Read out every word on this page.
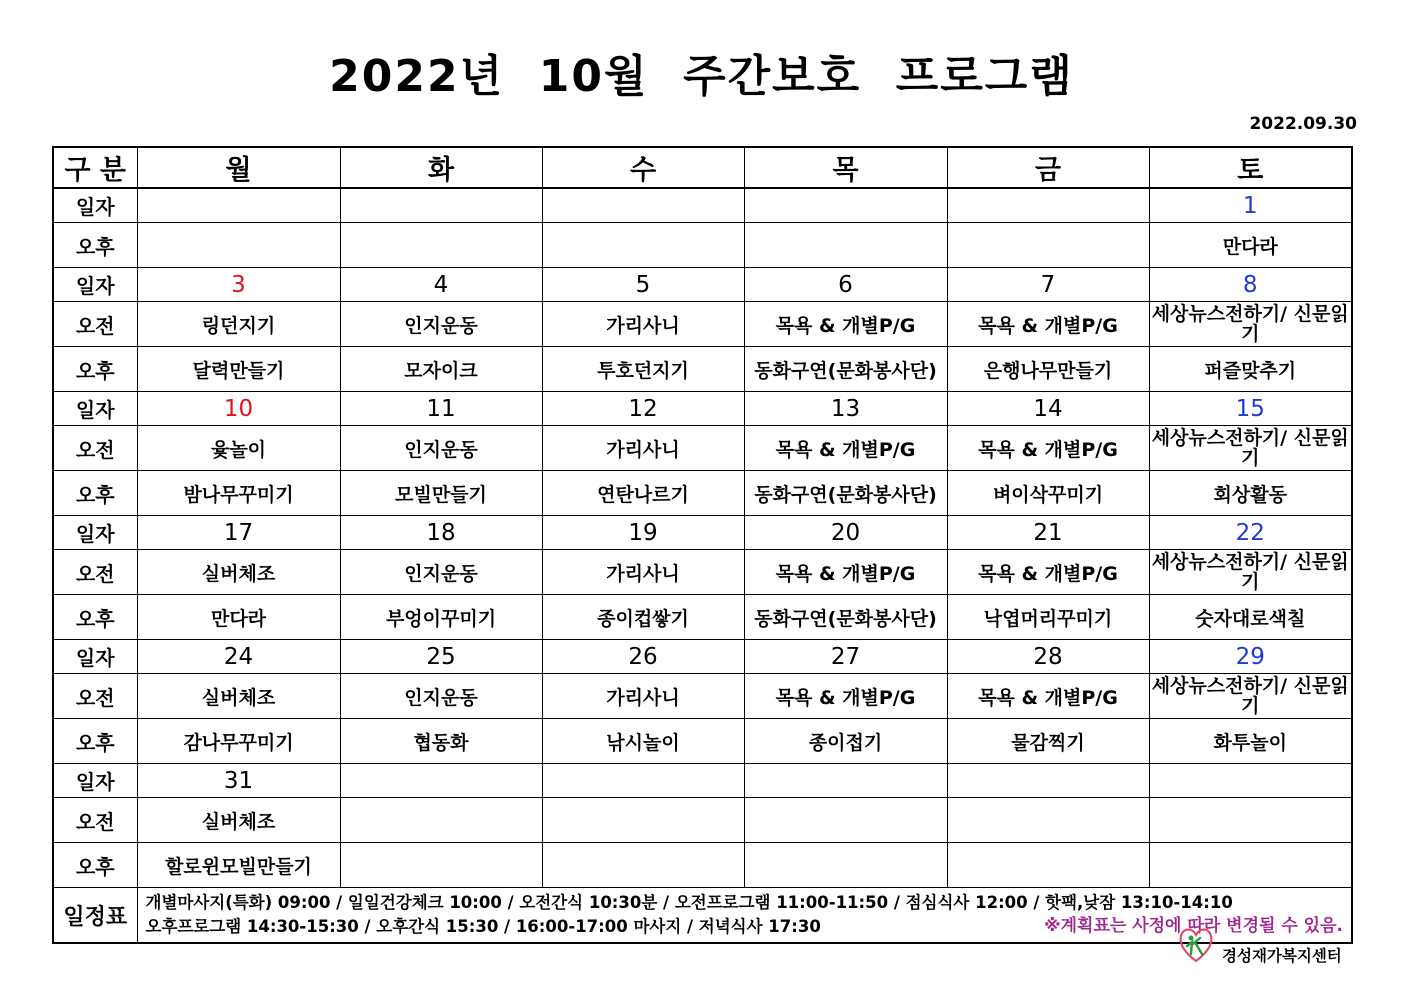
2022년  10월  주간보호  프로그램
2022.09.30
구 분	월	화	수	목	금	토
일자						1
오후						만다라
일자	3	4	5	6	7	8
오전	링던지기	인지운동	가리사니	목욕 & 개별P/G	목욕 & 개별P/G	세상뉴스전하기/ 신문읽기
오후	달력만들기	모자이크	투호던지기	동화구연(문화봉사단)	은행나무만들기	퍼즐맞추기
일자	10	11	12	13	14	15
오전	윷놀이	인지운동	가리사니	목욕 & 개별P/G	목욕 & 개별P/G	세상뉴스전하기/ 신문읽기
오후	밤나무꾸미기	모빌만들기	연탄나르기	동화구연(문화봉사단)	벼이삭꾸미기	회상활동
일자	17	18	19	20	21	22
오전	실버체조	인지운동	가리사니	목욕 & 개별P/G	목욕 & 개별P/G	세상뉴스전하기/ 신문읽기
오후	만다라	부엉이꾸미기	종이컵쌓기	동화구연(문화봉사단)	낙엽머리꾸미기	숫자대로색칠
일자	24	25	26	27	28	29
오전	실버체조	인지운동	가리사니	목욕 & 개별P/G	목욕 & 개별P/G	세상뉴스전하기/ 신문읽기
오후	감나무꾸미기	협동화	낚시놀이	종이접기	물감찍기	화투놀이
일자	31					
오전	실버체조					
오후	할로윈모빌만들기					
일정표	개별마사지(특화) 09:00 / 일일건강체크 10:00 / 오전간식 10:30분 / 오전프로그램 11:00-11:50 / 점심식사 12:00 / 핫팩,낮잠 13:10-14:10
오후프로그램 14:30-15:30 / 오후간식 15:30 / 16:00-17:00 마사지 / 저녁식사 17:30 ※계획표는 사정에 따라 변경될 수 있음.					
경성재가복지센터
